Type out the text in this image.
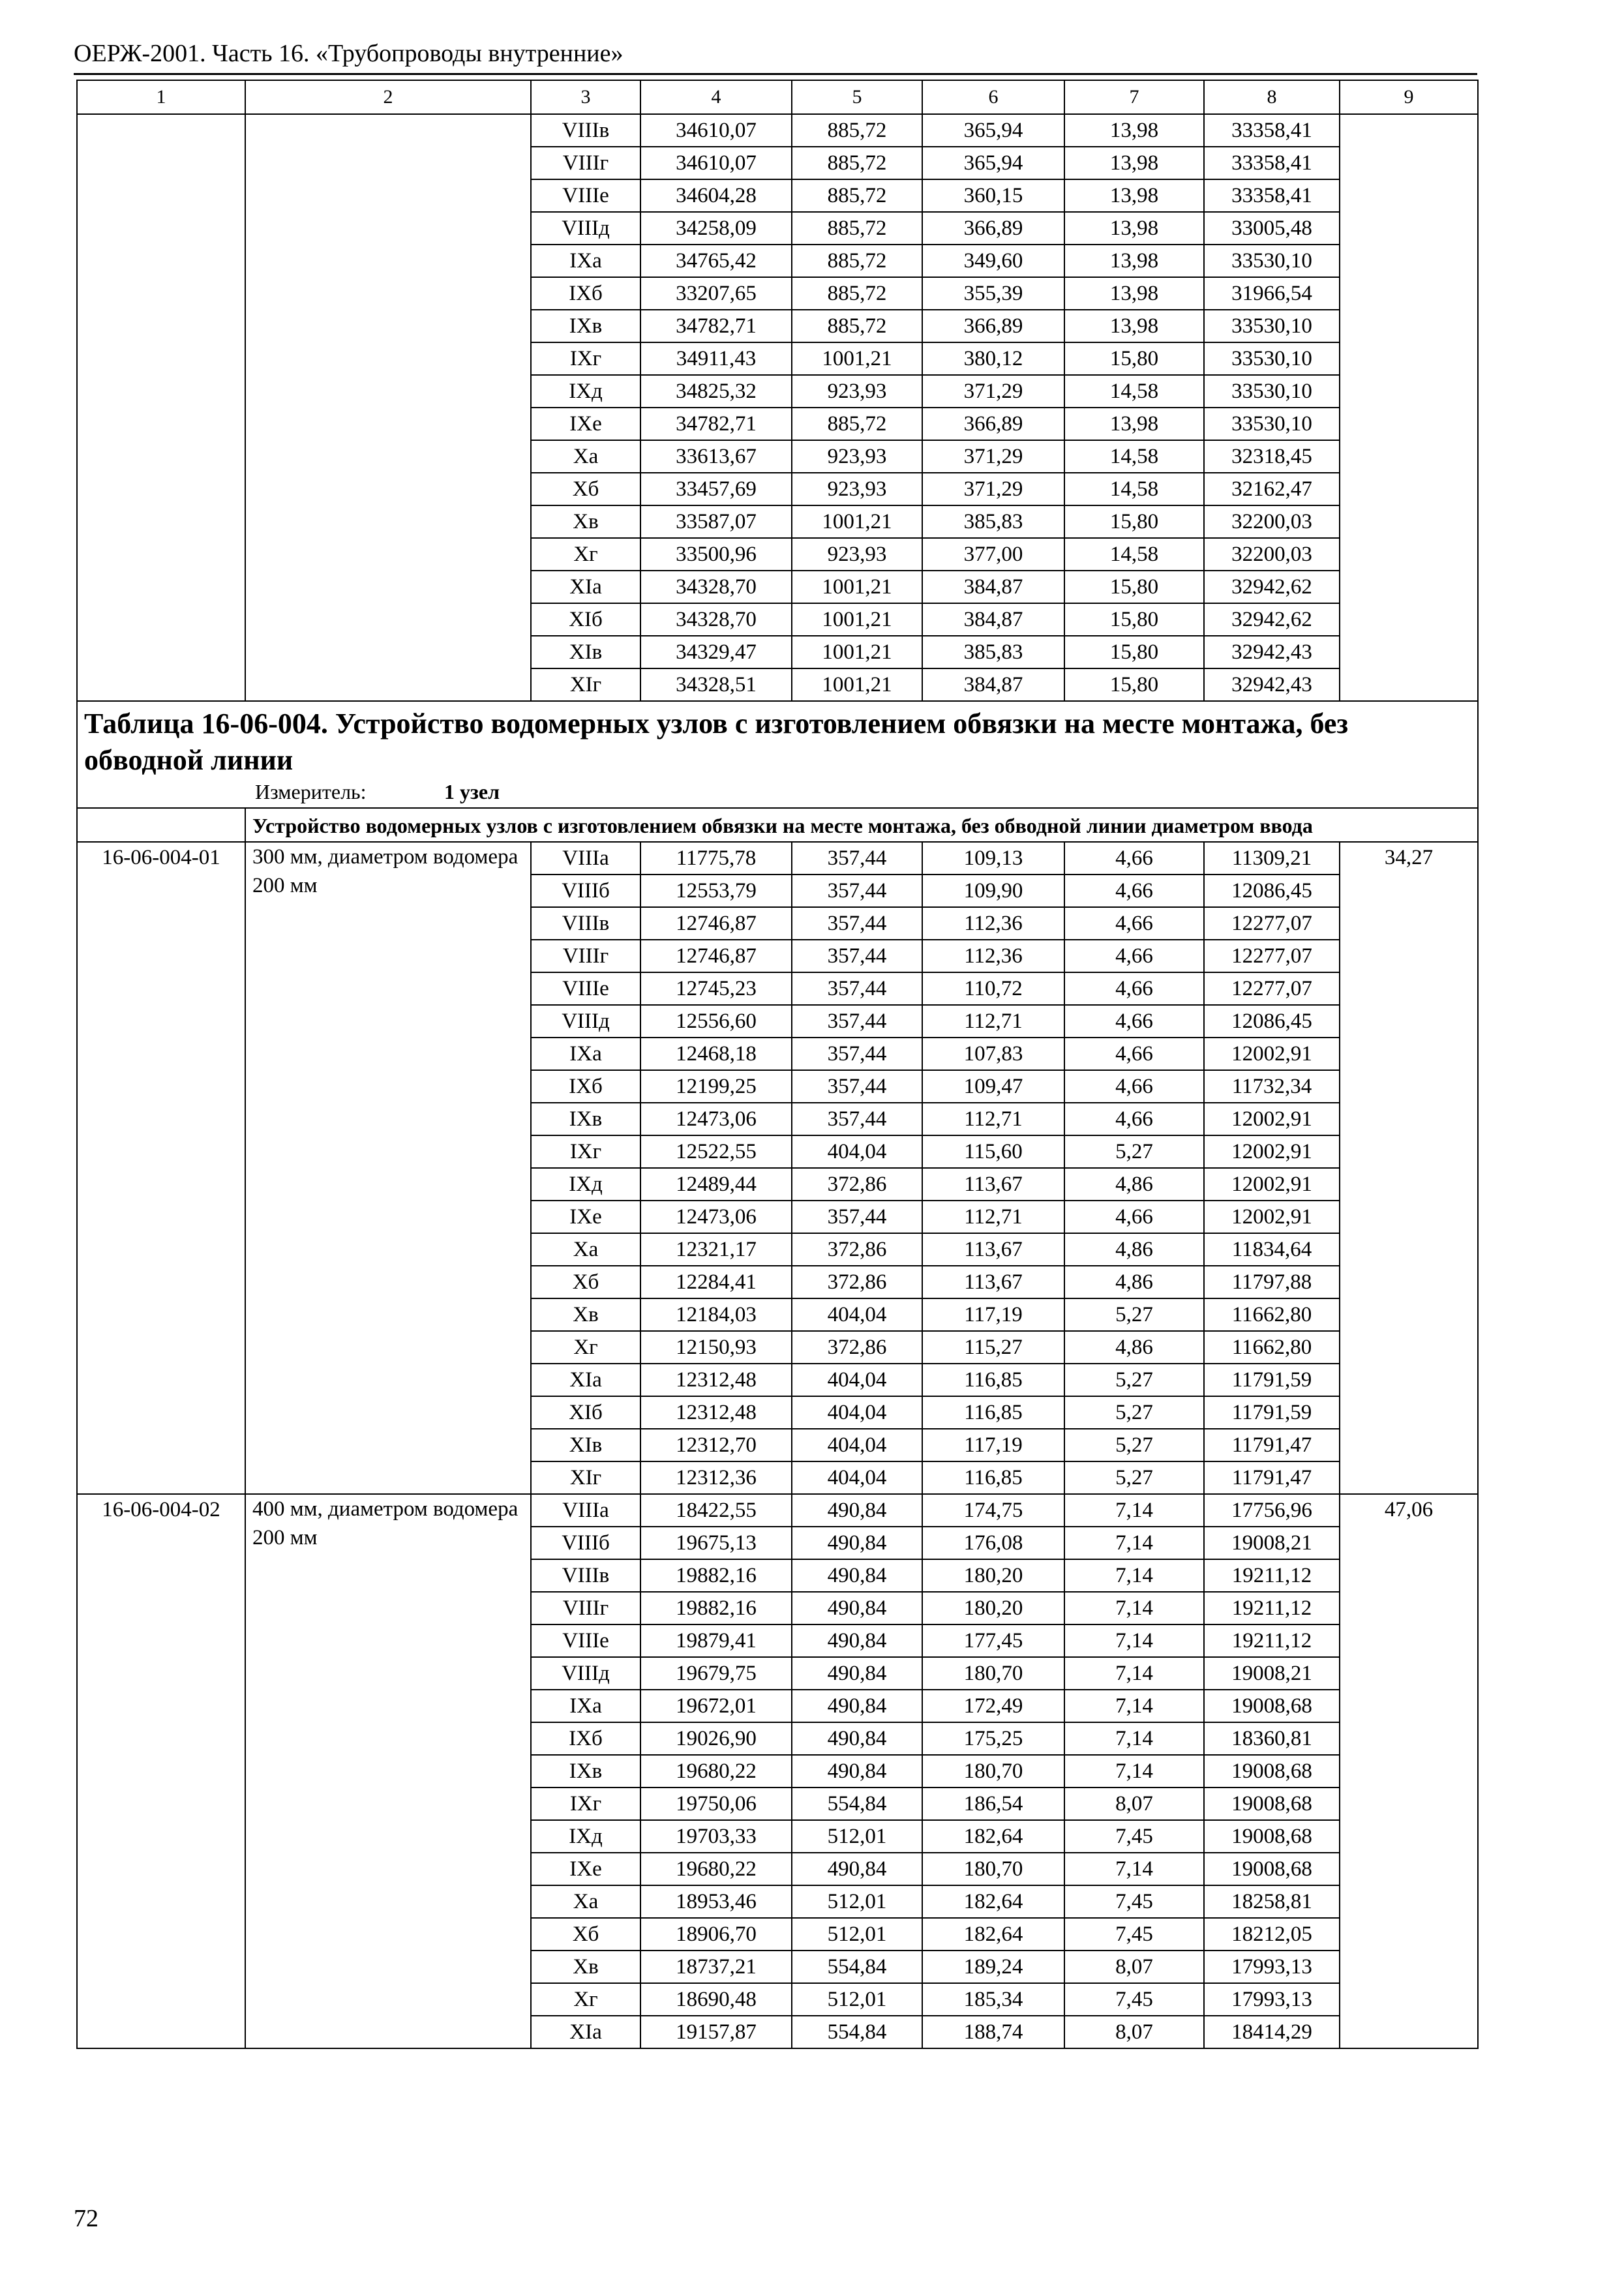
ОЕРЖ-2001. Часть 16. «Трубопроводы внутренние»
1	2	3	4	5	6	7	8	9
		VIIIв	34610,07	885,72	365,94	13,98	33358,41	
		VIIIг	34610,07	885,72	365,94	13,98	33358,41	
		VIIIе	34604,28	885,72	360,15	13,98	33358,41	
		VIIIд	34258,09	885,72	366,89	13,98	33005,48	
		IXа	34765,42	885,72	349,60	13,98	33530,10	
		IXб	33207,65	885,72	355,39	13,98	31966,54	
		IXв	34782,71	885,72	366,89	13,98	33530,10	
		IXг	34911,43	1001,21	380,12	15,80	33530,10	
		IXд	34825,32	923,93	371,29	14,58	33530,10	
		IXе	34782,71	885,72	366,89	13,98	33530,10	
		Xа	33613,67	923,93	371,29	14,58	32318,45	
		Xб	33457,69	923,93	371,29	14,58	32162,47	
		Xв	33587,07	1001,21	385,83	15,80	32200,03	
		Xг	33500,96	923,93	377,00	14,58	32200,03	
		XIа	34328,70	1001,21	384,87	15,80	32942,62	
		XIб	34328,70	1001,21	384,87	15,80	32942,62	
		XIв	34329,47	1001,21	385,83	15,80	32942,43	
		XIг	34328,51	1001,21	384,87	15,80	32942,43	

Таблица 16-06-004. Устройство водомерных узлов с изготовлением обвязки на месте монтажа, без обводной линии
Измеритель: 1 узел								

	Устройство водомерных узлов с изготовлением обвязки на месте монтажа, без обводной линии диаметром ввода							
16-06-004-01	300 мм, диаметром водомера 200 мм	VIIIа	11775,78	357,44	109,13	4,66	11309,21	34,27
		VIIIб	12553,79	357,44	109,90	4,66	12086,45	
		VIIIв	12746,87	357,44	112,36	4,66	12277,07	
		VIIIг	12746,87	357,44	112,36	4,66	12277,07	
		VIIIе	12745,23	357,44	110,72	4,66	12277,07	
		VIIIд	12556,60	357,44	112,71	4,66	12086,45	
		IXа	12468,18	357,44	107,83	4,66	12002,91	
		IXб	12199,25	357,44	109,47	4,66	11732,34	
		IXв	12473,06	357,44	112,71	4,66	12002,91	
		IXг	12522,55	404,04	115,60	5,27	12002,91	
		IXд	12489,44	372,86	113,67	4,86	12002,91	
		IXе	12473,06	357,44	112,71	4,66	12002,91	
		Xа	12321,17	372,86	113,67	4,86	11834,64	
		Xб	12284,41	372,86	113,67	4,86	11797,88	
		Xв	12184,03	404,04	117,19	5,27	11662,80	
		Xг	12150,93	372,86	115,27	4,86	11662,80	
		XIа	12312,48	404,04	116,85	5,27	11791,59	
		XIб	12312,48	404,04	116,85	5,27	11791,59	
		XIв	12312,70	404,04	117,19	5,27	11791,47	
		XIг	12312,36	404,04	116,85	5,27	11791,47	
16-06-004-02	400 мм, диаметром водомера 200 мм	VIIIа	18422,55	490,84	174,75	7,14	17756,96	47,06
		VIIIб	19675,13	490,84	176,08	7,14	19008,21	
		VIIIв	19882,16	490,84	180,20	7,14	19211,12	
		VIIIг	19882,16	490,84	180,20	7,14	19211,12	
		VIIIе	19879,41	490,84	177,45	7,14	19211,12	
		VIIIд	19679,75	490,84	180,70	7,14	19008,21	
		IXа	19672,01	490,84	172,49	7,14	19008,68	
		IXб	19026,90	490,84	175,25	7,14	18360,81	
		IXв	19680,22	490,84	180,70	7,14	19008,68	
		IXг	19750,06	554,84	186,54	8,07	19008,68	
		IXд	19703,33	512,01	182,64	7,45	19008,68	
		IXе	19680,22	490,84	180,70	7,14	19008,68	
		Xа	18953,46	512,01	182,64	7,45	18258,81	
		Xб	18906,70	512,01	182,64	7,45	18212,05	
		Xв	18737,21	554,84	189,24	8,07	17993,13	
		Xг	18690,48	512,01	185,34	7,45	17993,13	
		XIа	19157,87	554,84	188,74	8,07	18414,29	
72
